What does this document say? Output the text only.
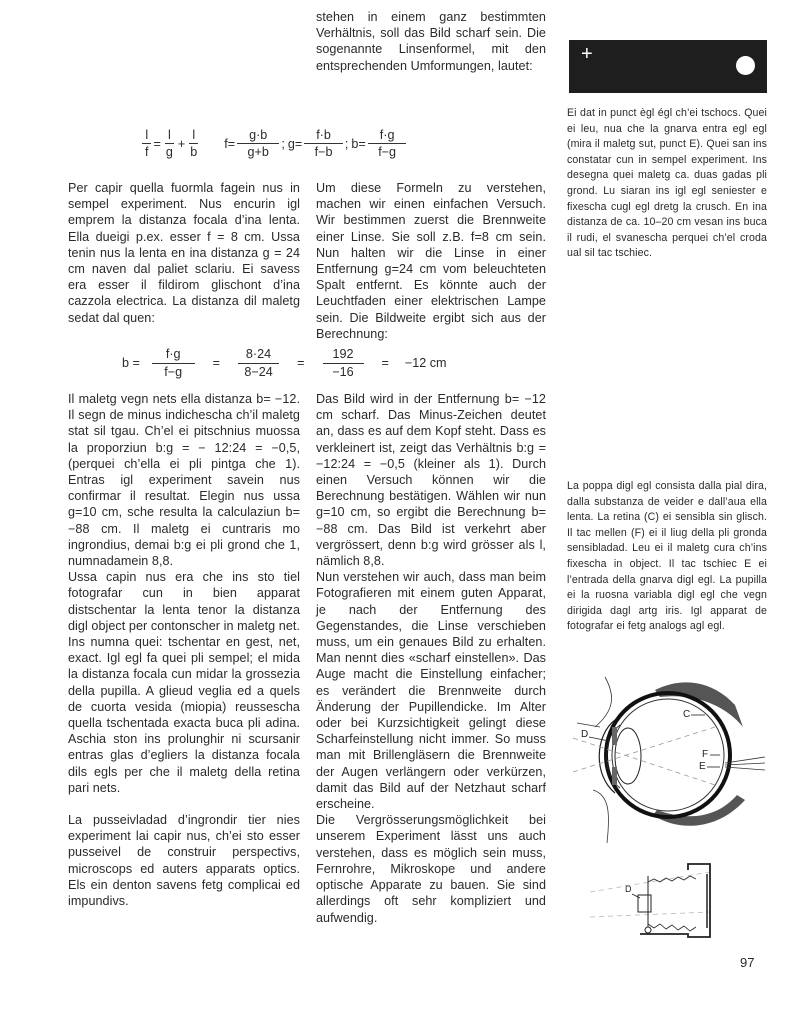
stehen in einem ganz bestimmten Verhältnis, soll das Bild scharf sein. Die sogenannte Linsenformel, mit den entsprechenden Umformungen, lautet:

$\frac{l}{f} = \frac{l}{g} + \frac{l}{b}$ $f = \frac{g\cdot b}{g+b}$ ; $g = \frac{f\cdot b}{f-b}$ ; $b = \frac{f\cdot g}{f-g}$

Per capir quella fuormla fagein nus in sempel experiment. Nus encurin igl emprem la distanza focala d’ina lenta. Ella dueigi p.ex. esser f = 8 cm. Ussa tenin nus la lenta en ina distanza g = 24 cm naven dal paliet sclariu. Ei savess era esser il fildirom glischont d’ina cazzola electrica. La distanza dil maletg sedat dal quen:

Um diese Formeln zu verstehen, machen wir einen einfachen Versuch. Wir bestimmen zuerst die Brennweite einer Linse. Sie soll z.B. f=8 cm sein. Nun halten wir die Linse in einer Entfernung g=24 cm vom beleuchteten Spalt entfernt. Es könnte auch der Leuchtfaden einer elektrischen Lampe sein. Die Bildweite ergibt sich aus der Berechnung:

$b = \frac{f\cdot g}{f-g} = \frac{8\cdot 24}{8-24} = \frac{192}{-16} = -12$ cm

Il maletg vegn nets ella distanza b= −12. Il segn de minus indichescha ch’il maletg stat sil tgau. Ch’el ei pitschnius muossa la proporziun b:g = − 12:24 = −0,5, (perquei ch’ella ei pli pintga che 1). Entras igl experiment savein nus confirmar il resultat. Elegin nus ussa g=10 cm, sche resulta la calculaziun b= −88 cm. Il maletg ei cuntraris mo ingrondius, demai b:g ei pli grond che 1, numnadamein 8,8.

Ussa capin nus era che ins sto tiel fotografar cun in bien apparat distschentar la lenta tenor la distanza digl object per contonscher in maletg net. Ins numna quei: tschentar en gest, net, exact. Igl egl fa quei pli sempel; el mida la distanza focala cun midar la grossezia della pupilla. A glieud veglia ed a quels de cuorta vesida (miopia) reussescha quella tschentada exacta buca pli adina. Aschia ston ins prolunghir ni scursanir entras glas d’egliers la distanza focala dils egls per che il maletg della retina pari nets.

La pusseivladad d’ingrondir tier nies experiment lai capir nus, ch’ei sto esser pusseivel de construir perspectivs, microscops ed auters apparats optics. Els ein denton savens fetg complicai ed impundivs.

Das Bild wird in der Entfernung b= −12 cm scharf. Das Minus-Zeichen deutet an, dass es auf dem Kopf steht. Dass es verkleinert ist, zeigt das Verhältnis b:g = −12:24 = −0,5 (kleiner als 1). Durch einen Versuch können wir die Berechnung bestätigen. Wählen wir nun g=10 cm, so ergibt die Berechnung b= −88 cm. Das Bild ist verkehrt aber vergrössert, denn b:g wird grösser als l, nämlich 8,8.

Nun verstehen wir auch, dass man beim Fotografieren mit einem guten Apparat, je nach der Entfernung des Gegenstandes, die Linse verschieben muss, um ein genaues Bild zu erhalten. Man nennt dies «scharf einstellen». Das Auge macht die Einstellung einfacher; es verändert die Brennweite durch Änderung der Pupillendicke. Im Alter oder bei Kurzsichtigkeit gelingt diese Scharfeinstellung nicht immer. So muss man mit Brillengläsern die Brennweite der Augen verlängern oder verkürzen, damit das Bild auf der Netzhaut scharf erscheine.

Die Vergrösserungsmöglichkeit bei unserem Experiment lässt uns auch verstehen, dass es möglich sein muss, Fernrohre, Mikroskope und andere optische Apparate zu bauen. Sie sind allerdings oft sehr kompliziert und aufwendig.

+

Ei dat in punct ègl égl ch’ei tschocs. Quei ei leu, nua che la gnarva entra egl egl (mira il maletg sut, punct E). Quei san ins constatar cun in sempel experiment. Ins desegna quei maletg ca. duas gadas pli grond. Lu siaran ins igl egl seniester e fixescha cugl egl dretg la crusch. En ina distanza de ca. 10–20 cm vesan ins buca il rudi, el svanescha perquei ch’el croda ual sil tac tschiec.

La poppa digl egl consista dalla pial dira, dalla substanza de veider e dall’aua ella lenta. La retina (C) ei sensibla sin glisch. Il tac mellen (F) ei il liug della pli gronda sensibladad. Leu ei il maletg cura ch’ins fixescha in object. Il tac tschiec E ei l’entrada della gnarva digl egl. La pupilla ei la ruosna variabla digl egl che vegn dirigida dagl artg iris. Igl apparat de fotografar ei fetg analogs agl egl.

C
D
F
E
D
97
